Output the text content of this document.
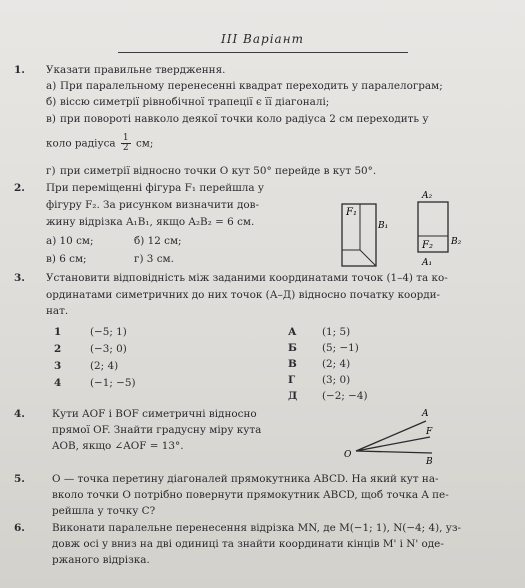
ІІІ Варіант
1. Указати правильне твердження.
а) При паралельному перенесенні квадрат переходить у паралелограм;
б) віссю симетрії рівнобічної трапеції є її діагоналі;
в) при повороті навколо деякої точки коло радіуса 2 см переходить у
коло радіуса $\frac{1}{2}$ см;
г) при симетрії відносно точки O кут 50° перейде в кут 50°.
2. При переміщенні фігура F₁ перейшла у
фігуру F₂. За рисунком визначити дов-
жину відрізка A₁B₁, якщо A₂B₂ = 6 см.
а) 10 см;	б) 12 см;
в) 6 см;	г) 3 см.
F₁
B₁
A₂
F₂ B₂
A₁
3. Установити відповідність між заданими координатами точок (1–4) та ко-
ординатами симетричних до них точок (А–Д) відносно початку коорди-
нат.
1	(−5; 1)
2	(−3; 0)
3	(2; 4)
4	(−1; −5)
А (1; 5)
Б (5; −1)
В (2; 4)
Г	(3; 0)
Д (−2; −4)
4.	Кути AOF і BOF симетричні відносно
прямої OF. Знайти градусну міру кута
AOB, якщо ∠AOF = 13°.
A
F
O
B
5.	O — точка перетину діагоналей прямокутника ABCD. На який кут на-
вколо точки O потрібно повернути прямокутник ABCD, щоб точка A пе-
рейшла у точку C?
6.	Виконати паралельне перенесення відрізка MN, де M(−1; 1), N(−4; 4), уз-
довж осі y вниз на дві одиниці та знайти координати кінців M' і N' оде-
ржаного відрізка.
